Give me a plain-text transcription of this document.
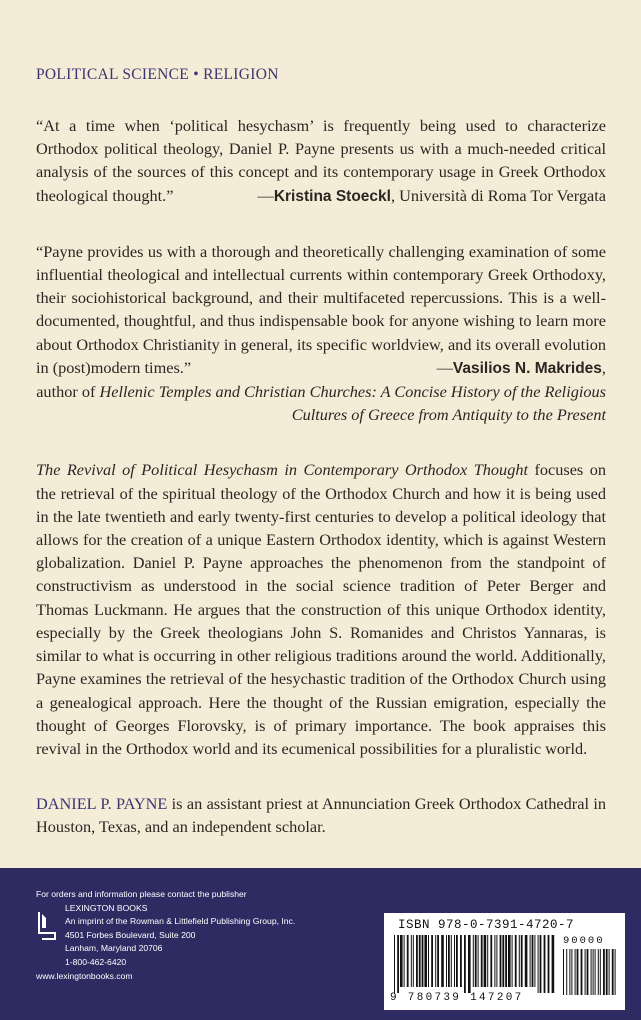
POLITICAL SCIENCE • RELIGION

“At a time when ‘political hesychasm’ is frequently being used to characterize Orthodox political theology, Daniel P. Payne presents us with a much-needed critical analysis of the sources of this concept and its contemporary usage in Greek Orthodox theological thought.”	—Kristina Stoeckl, Università di Roma Tor Vergata

“Payne provides us with a thorough and theoretically challenging examination of some influential theological and intellectual currents within contemporary Greek Orthodoxy, their sociohistorical background, and their multifaceted repercussions. This is a well-documented, thoughtful, and thus indispensable book for anyone wishing to learn more about Orthodox Christianity in general, its specific worldview, and its overall evolution in (post)modern times.”	—Vasilios N. Makrides,
author of Hellenic Temples and Christian Churches: A Concise History of the Religious
Cultures of Greece from Antiquity to the Present

The Revival of Political Hesychasm in Contemporary Orthodox Thought focuses on the retrieval of the spiritual theology of the Orthodox Church and how it is being used in the late twentieth and early twenty-first centuries to develop a political ideology that allows for the creation of a unique Eastern Orthodox identity, which is against Western globalization. Daniel P. Payne approaches the phenomenon from the standpoint of constructivism as understood in the social science tradition of Peter Berger and Thomas Luckmann. He argues that the construction of this unique Orthodox identity, especially by the Greek theologians John S. Romanides and Christos Yannaras, is similar to what is occurring in other religious traditions around the world. Additionally, Payne examines the retrieval of the hesychastic tradition of the Orthodox Church using a genealogical approach. Here the thought of the Russian emigration, especially the thought of Georges Florovsky, is of primary importance. The book appraises this revival in the Orthodox world and its ecumenical possibilities for a pluralistic world.

DANIEL P. PAYNE is an assistant priest at Annunciation Greek Orthodox Cathedral in Houston, Texas, and an independent scholar.

For orders and information please contact the publisher
LEXINGTON BOOKS
An imprint of the Rowman & Littlefield Publishing Group, Inc.
4501 Forbes Boulevard, Suite 200
Lanham, Maryland 20706
1-800-462-6420
www.lexingtonbooks.com
ISBN 978-0-7391-4720-7
9 780739 147207
90000
